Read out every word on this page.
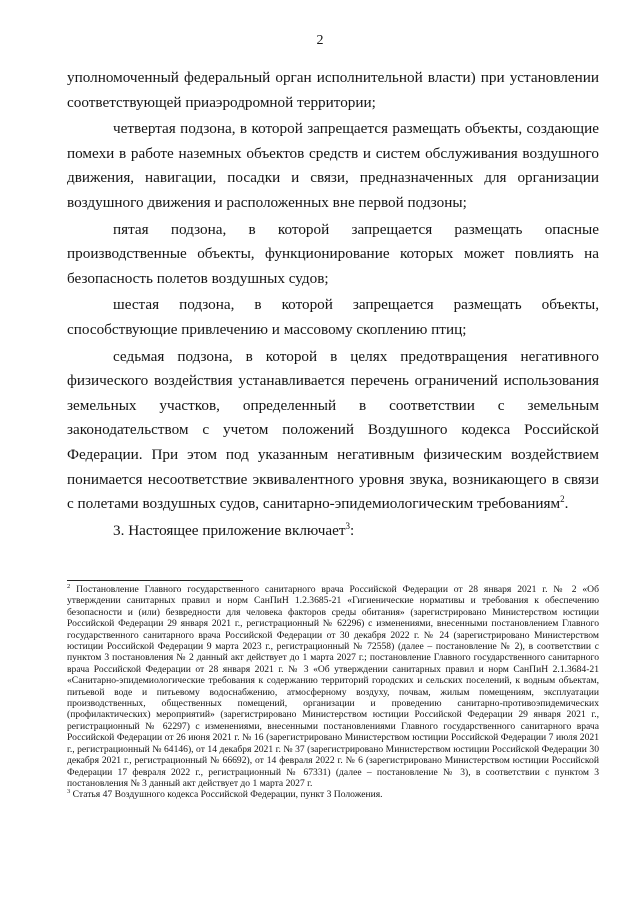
2

уполномоченный федеральный орган исполнительной власти) при установлении соответствующей приаэродромной территории;

четвертая подзона, в которой запрещается размещать объекты, создающие помехи в работе наземных объектов средств и систем обслуживания воздушного движения, навигации, посадки и связи, предназначенных для организации воздушного движения и расположенных вне первой подзоны;

пятая подзона, в которой запрещается размещать опасные производственные объекты, функционирование которых может повлиять на безопасность полетов воздушных судов;

шестая подзона, в которой запрещается размещать объекты, способствующие привлечению и массовому скоплению птиц;

седьмая подзона, в которой в целях предотвращения негативного физического воздействия устанавливается перечень ограничений использования земельных участков, определенный в соответствии с земельным законодательством с учетом положений Воздушного кодекса Российской Федерации. При этом под указанным негативным физическим воздействием понимается несоответствие эквивалентного уровня звука, возникающего в связи с полетами воздушных судов, санитарно-эпидемиологическим требованиям$^2$.

3. Настоящее приложение включает$^3$:

$^2$ Постановление Главного государственного санитарного врача Российской Федерации от 28 января 2021 г. № 2 «Об утверждении санитарных правил и норм СанПиН 1.2.3685-21 «Гигиенические нормативы и требования к обеспечению безопасности и (или) безвредности для человека факторов среды обитания» (зарегистрировано Министерством юстиции Российской Федерации 29 января 2021 г., регистрационный № 62296) с изменениями, внесенными постановлением Главного государственного санитарного врача Российской Федерации от 30 декабря 2022 г. № 24 (зарегистрировано Министерством юстиции Российской Федерации 9 марта 2023 г., регистрационный № 72558) (далее – постановление № 2), в соответствии с пунктом 3 постановления № 2 данный акт действует до 1 марта 2027 г.; постановление Главного государственного санитарного врача Российской Федерации от 28 января 2021 г. № 3 «Об утверждении санитарных правил и норм СанПиН 2.1.3684-21 «Санитарно-эпидемиологические требования к содержанию территорий городских и сельских поселений, к водным объектам, питьевой воде и питьевому водоснабжению, атмосферному воздуху, почвам, жилым помещениям, эксплуатации производственных, общественных помещений, организации и проведению санитарно-противоэпидемических (профилактических) мероприятий» (зарегистрировано Министерством юстиции Российской Федерации 29 января 2021 г., регистрационный № 62297) с изменениями, внесенными постановлениями Главного государственного санитарного врача Российской Федерации от 26 июня 2021 г. № 16 (зарегистрировано Министерством юстиции Российской Федерации 7 июля 2021 г., регистрационный № 64146), от 14 декабря 2021 г. № 37 (зарегистрировано Министерством юстиции Российской Федерации 30 декабря 2021 г., регистрационный № 66692), от 14 февраля 2022 г. № 6 (зарегистрировано Министерством юстиции Российской Федерации 17 февраля 2022 г., регистрационный № 67331) (далее – постановление № 3), в соответствии с пунктом 3 постановления № 3 данный акт действует до 1 марта 2027 г.

$^3$ Статья 47 Воздушного кодекса Российской Федерации, пункт 3 Положения.
